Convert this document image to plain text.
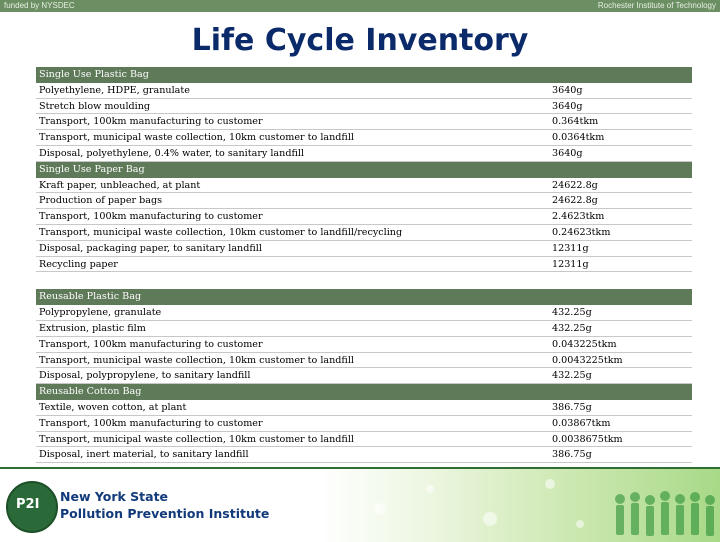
funded by NYSDEC	Rochester Institute of Technology
Life Cycle Inventory
Single Use Plastic Bag
Polyethylene, HDPE, granulate	3640g
Stretch blow moulding	3640g
Transport, 100km manufacturing to customer	0.364tkm
Transport, municipal waste collection, 10km customer to landfill	0.0364tkm
Disposal, polyethylene, 0.4% water, to sanitary landfill	3640g
Single Use Paper Bag
Kraft paper, unbleached, at plant	24622.8g
Production of paper bags	24622.8g
Transport, 100km manufacturing to customer	2.4623tkm
Transport, municipal waste collection, 10km customer to landfill/recycling	0.24623tkm
Disposal, packaging paper, to sanitary landfill	12311g
Recycling paper	12311g
Reusable Plastic Bag
Polypropylene, granulate	432.25g
Extrusion, plastic film	432.25g
Transport, 100km manufacturing to customer	0.043225tkm
Transport, municipal waste collection, 10km customer to landfill	0.0043225tkm
Disposal, polypropylene, to sanitary landfill	432.25g
Reusable Cotton Bag
Textile, woven cotton, at plant	386.75g
Transport, 100km manufacturing to customer	0.03867tkm
Transport, municipal waste collection, 10km customer to landfill	0.0038675tkm
Disposal, inert material, to sanitary landfill	386.75g
P2I
New York State
Pollution Prevention Institute
